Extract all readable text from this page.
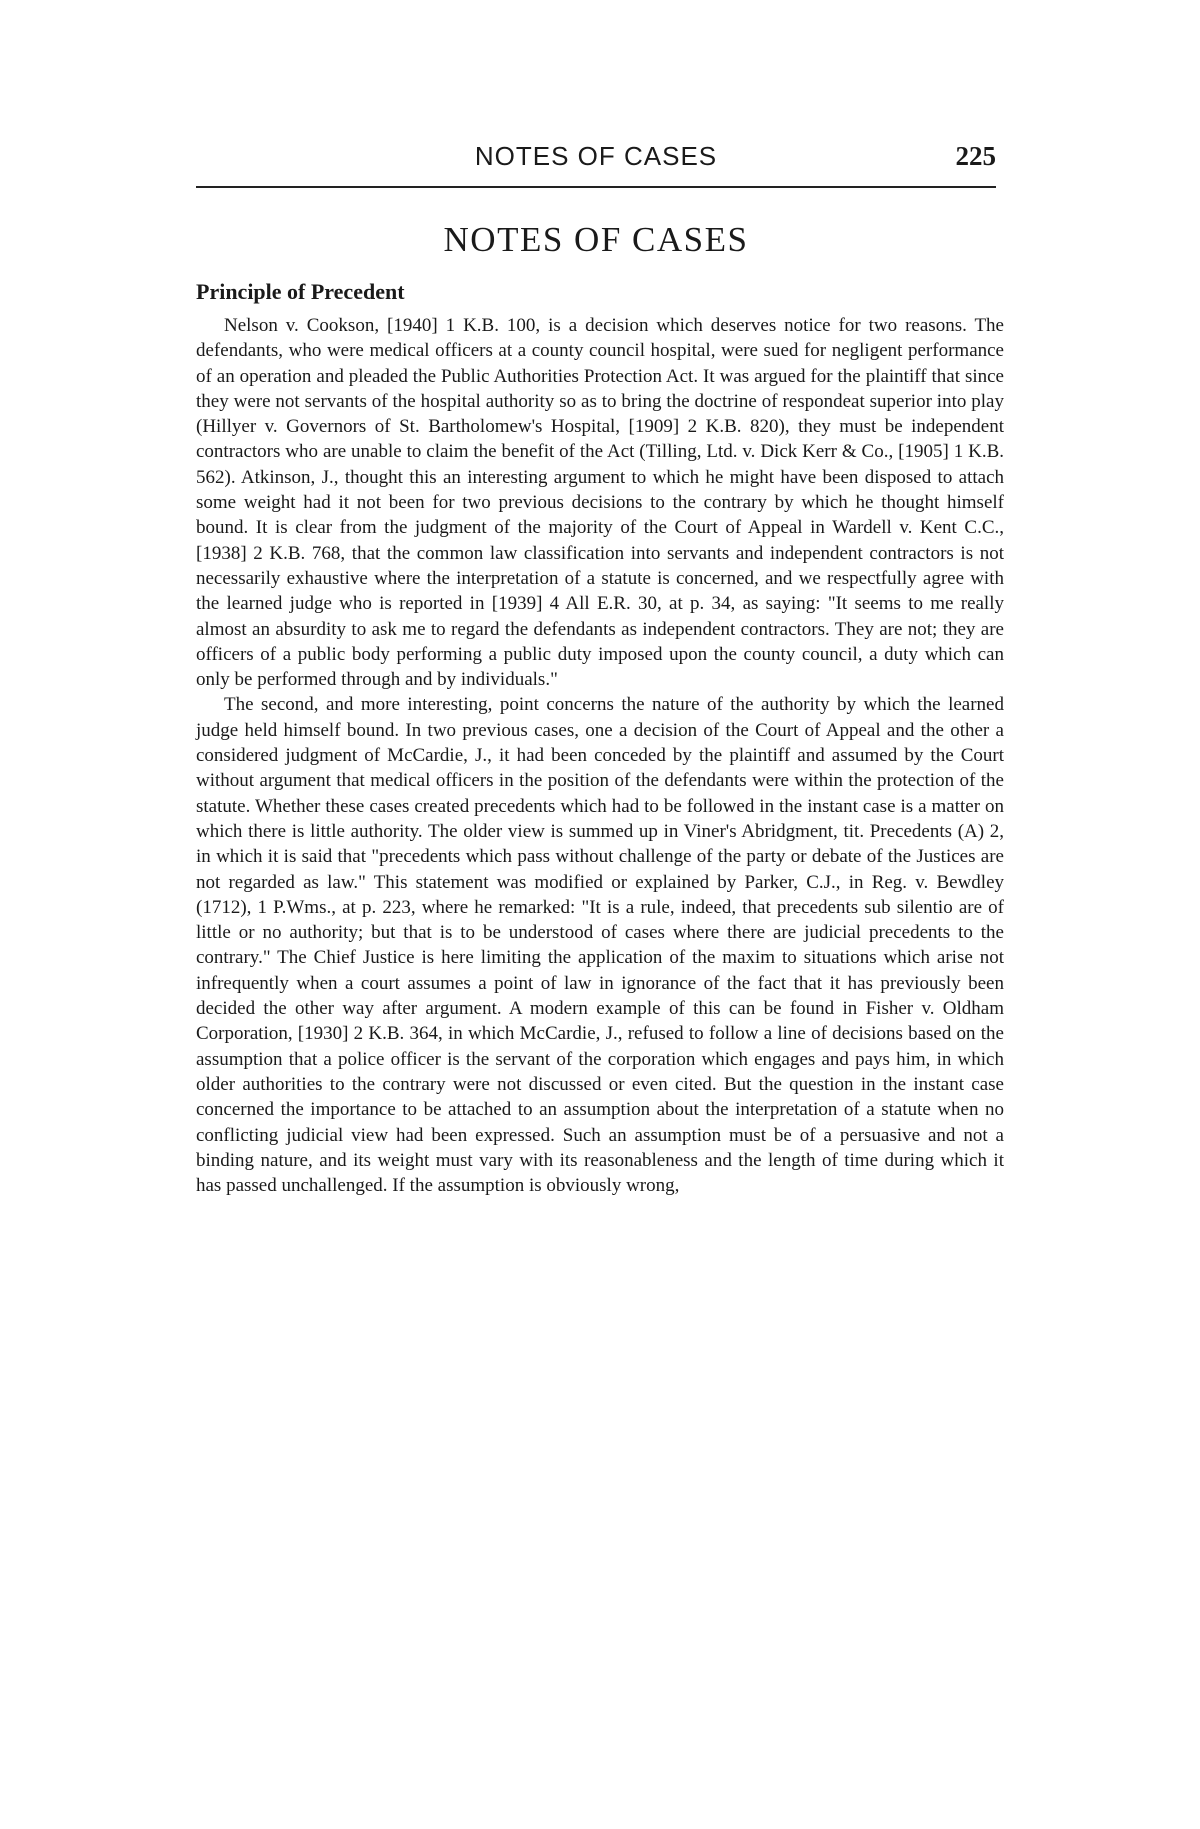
NOTES OF CASES	225
NOTES OF CASES
Principle of Precedent

Nelson v. Cookson, [1940] 1 K.B. 100, is a decision which deserves notice for two reasons. The defendants, who were medical officers at a county council hospital, were sued for negligent performance of an operation and pleaded the Public Authorities Protection Act. It was argued for the plaintiff that since they were not servants of the hospital authority so as to bring the doctrine of respondeat superior into play (Hillyer v. Governors of St. Bartholomew's Hospital, [1909] 2 K.B. 820), they must be independent contractors who are unable to claim the benefit of the Act (Tilling, Ltd. v. Dick Kerr & Co., [1905] 1 K.B. 562). Atkinson, J., thought this an interesting argument to which he might have been disposed to attach some weight had it not been for two previous decisions to the contrary by which he thought himself bound. It is clear from the judgment of the majority of the Court of Appeal in Wardell v. Kent C.C., [1938] 2 K.B. 768, that the common law classification into servants and independent contractors is not necessarily exhaustive where the interpretation of a statute is concerned, and we respectfully agree with the learned judge who is reported in [1939] 4 All E.R. 30, at p. 34, as saying: "It seems to me really almost an absurdity to ask me to regard the defendants as independent contractors. They are not; they are officers of a public body performing a public duty imposed upon the county council, a duty which can only be performed through and by individuals."

The second, and more interesting, point concerns the nature of the authority by which the learned judge held himself bound. In two previous cases, one a decision of the Court of Appeal and the other a considered judgment of McCardie, J., it had been conceded by the plaintiff and assumed by the Court without argument that medical officers in the position of the defendants were within the protection of the statute. Whether these cases created precedents which had to be followed in the instant case is a matter on which there is little authority. The older view is summed up in Viner's Abridgment, tit. Precedents (A) 2, in which it is said that "precedents which pass without challenge of the party or debate of the Justices are not regarded as law." This statement was modified or explained by Parker, C.J., in Reg. v. Bewdley (1712), 1 P.Wms., at p. 223, where he remarked: "It is a rule, indeed, that precedents sub silentio are of little or no authority; but that is to be understood of cases where there are judicial precedents to the contrary." The Chief Justice is here limiting the application of the maxim to situations which arise not infrequently when a court assumes a point of law in ignorance of the fact that it has previously been decided the other way after argument. A modern example of this can be found in Fisher v. Oldham Corporation, [1930] 2 K.B. 364, in which McCardie, J., refused to follow a line of decisions based on the assumption that a police officer is the servant of the corporation which engages and pays him, in which older authorities to the contrary were not discussed or even cited. But the question in the instant case concerned the importance to be attached to an assumption about the interpretation of a statute when no conflicting judicial view had been expressed. Such an assumption must be of a persuasive and not a binding nature, and its weight must vary with its reasonableness and the length of time during which it has passed unchallenged. If the assumption is obviously wrong,
